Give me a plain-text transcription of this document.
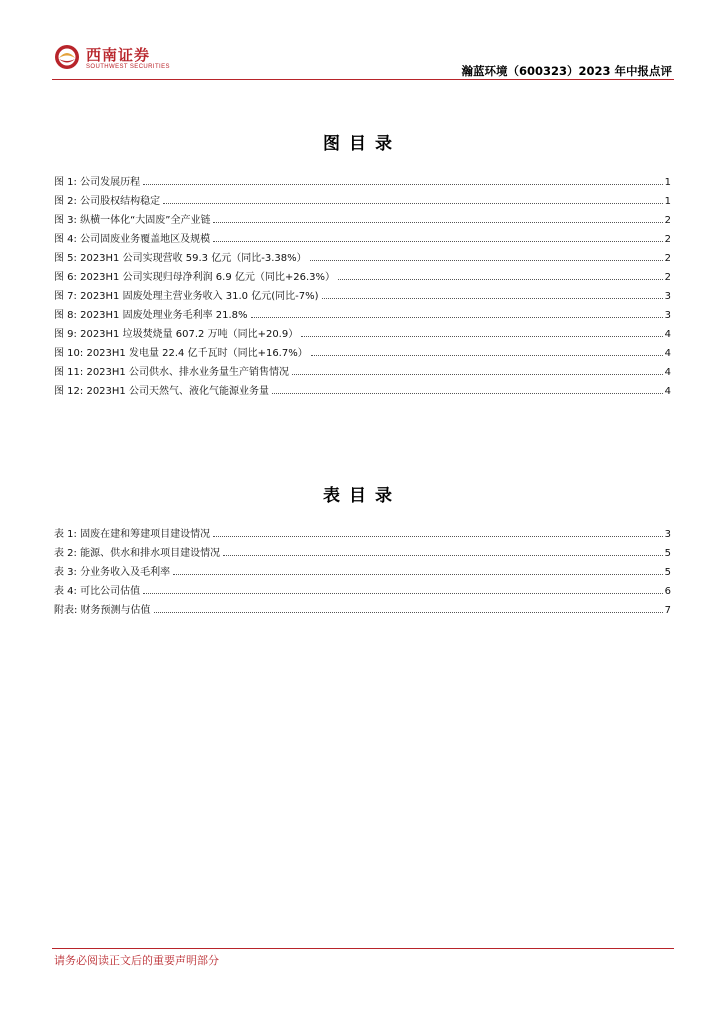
西南证券
SOUTHWEST SECURITIES	瀚蓝环境（600323）2023 年中报点评
图目录
图 1: 公司发展历程	1
图 2: 公司股权结构稳定	1
图 3: 纵横一体化“大固废”全产业链	2
图 4: 公司固废业务覆盖地区及规模	2
图 5: 2023H1 公司实现营收 59.3 亿元（同比-3.38%）	2
图 6: 2023H1 公司实现归母净利润 6.9 亿元（同比+26.3%）	2
图 7: 2023H1 固废处理主营业务收入 31.0 亿元(同比-7%)	3
图 8: 2023H1 固废处理业务毛利率 21.8%	3
图 9: 2023H1 垃圾焚烧量 607.2 万吨（同比+20.9）	4
图 10: 2023H1 发电量 22.4 亿千瓦时（同比+16.7%）	4
图 11: 2023H1 公司供水、排水业务量生产销售情况	4
图 12: 2023H1 公司天然气、液化气能源业务量	4
表目录
表 1: 固废在建和筹建项目建设情况	3
表 2: 能源、供水和排水项目建设情况	5
表 3: 分业务收入及毛利率	5
表 4: 可比公司估值	6
附表: 财务预测与估值	7
请务必阅读正文后的重要声明部分
